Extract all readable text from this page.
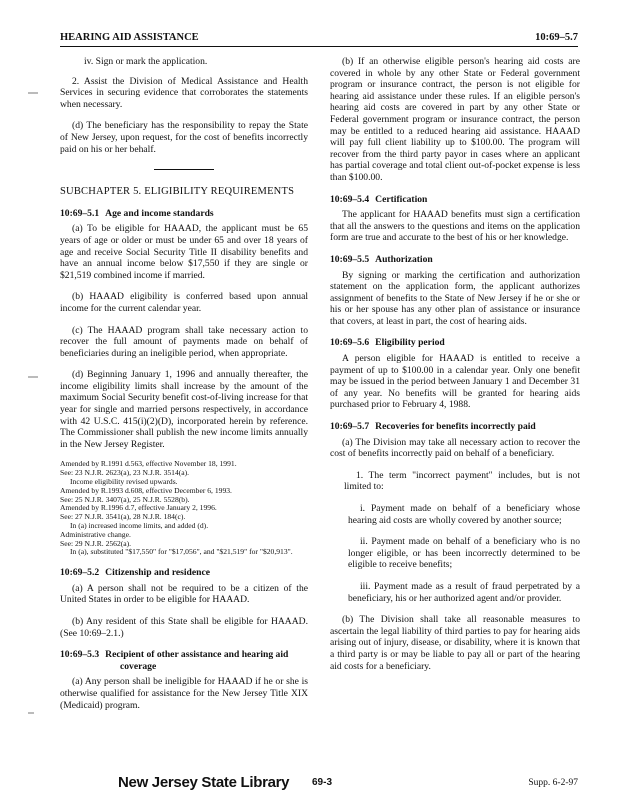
HEARING AID ASSISTANCE	10:69–5.7

iv. Sign or mark the application.

2. Assist the Division of Medical Assistance and Health Services in securing evidence that corroborates the statements when necessary.

(d) The beneficiary has the responsibility to repay the State of New Jersey, upon request, for the cost of benefits incorrectly paid on his or her behalf.

SUBCHAPTER 5. ELIGIBILITY REQUIREMENTS

10:69–5.1 Age and income standards

(a) To be eligible for HAAAD, the applicant must be 65 years of age or older or must be under 65 and over 18 years of age and receive Social Security Title II disability benefits and have an annual income below $17,550 if they are single or $21,519 combined income if married.

(b) HAAAD eligibility is conferred based upon annual income for the current calendar year.

(c) The HAAAD program shall take necessary action to recover the full amount of payments made on behalf of beneficiaries during an ineligible period, when appropriate.

(d) Beginning January 1, 1996 and annually thereafter, the income eligibility limits shall increase by the amount of the maximum Social Security benefit cost-of-living increase for that year for single and married persons respectively, in accordance with 42 U.S.C. 415(i)(2)(D), incorporated herein by reference. The Commissioner shall publish the new income limits annually in the New Jersey Register.

Amended by R.1991 d.563, effective November 18, 1991.
See: 23 N.J.R. 2623(a), 23 N.J.R. 3514(a).
Income eligibility revised upwards.
Amended by R.1993 d.608, effective December 6, 1993.
See: 25 N.J.R. 3407(a), 25 N.J.R. 5528(b).
Amended by R.1996 d.7, effective January 2, 1996.
See: 27 N.J.R. 3541(a), 28 N.J.R. 184(c).
In (a) increased income limits, and added (d).
Administrative change.
See: 29 N.J.R. 2562(a).
In (a), substituted "$17,550" for "$17,056", and "$21,519" for "$20,913".
10:69–5.2 Citizenship and residence

(a) A person shall not be required to be a citizen of the United States in order to be eligible for HAAAD.

(b) Any resident of this State shall be eligible for HAAAD. (See 10:69–2.1.)

10:69–5.3 Recipient of other assistance and hearing aid coverage

(a) Any person shall be ineligible for HAAAD if he or she is otherwise qualified for assistance for the New Jersey Title XIX (Medicaid) program.

(b) If an otherwise eligible person's hearing aid costs are covered in whole by any other State or Federal government program or insurance contract, the person is not eligible for hearing aid assistance under these rules. If an eligible person's hearing aid costs are covered in part by any other State or Federal government program or insurance contract, the person may be entitled to a reduced hearing aid assistance. HAAAD will pay full client liability up to $100.00. The program will recover from the third party payor in cases where an applicant has partial coverage and total client out-of-pocket expense is less than $100.00.

10:69–5.4 Certification

The applicant for HAAAD benefits must sign a certification that all the answers to the questions and items on the application form are true and accurate to the best of his or her knowledge.

10:69–5.5 Authorization

By signing or marking the certification and authorization statement on the application form, the applicant authorizes assignment of benefits to the State of New Jersey if he or she or his or her spouse has any other plan of assistance or insurance that covers, at least in part, the cost of hearing aids.

10:69–5.6 Eligibility period

A person eligible for HAAAD is entitled to receive a payment of up to $100.00 in a calendar year. Only one benefit may be issued in the period between January 1 and December 31 of any year. No benefits will be granted for hearing aids purchased prior to February 4, 1988.

10:69–5.7 Recoveries for benefits incorrectly paid

(a) The Division may take all necessary action to recover the cost of benefits incorrectly paid on behalf of a beneficiary.

1. The term "incorrect payment" includes, but is not limited to:

i. Payment made on behalf of a beneficiary whose hearing aid costs are wholly covered by another source;

ii. Payment made on behalf of a beneficiary who is no longer eligible, or has been incorrectly determined to be eligible to receive benefits;

iii. Payment made as a result of fraud perpetrated by a beneficiary, his or her authorized agent and/or provider.

(b) The Division shall take all reasonable measures to ascertain the legal liability of third parties to pay for hearing aids arising out of injury, disease, or disability, where it is known that a third party is or may be liable to pay all or part of the hearing aid costs for a beneficiary.

New Jersey State Library 69-3	Supp. 6-2-97
